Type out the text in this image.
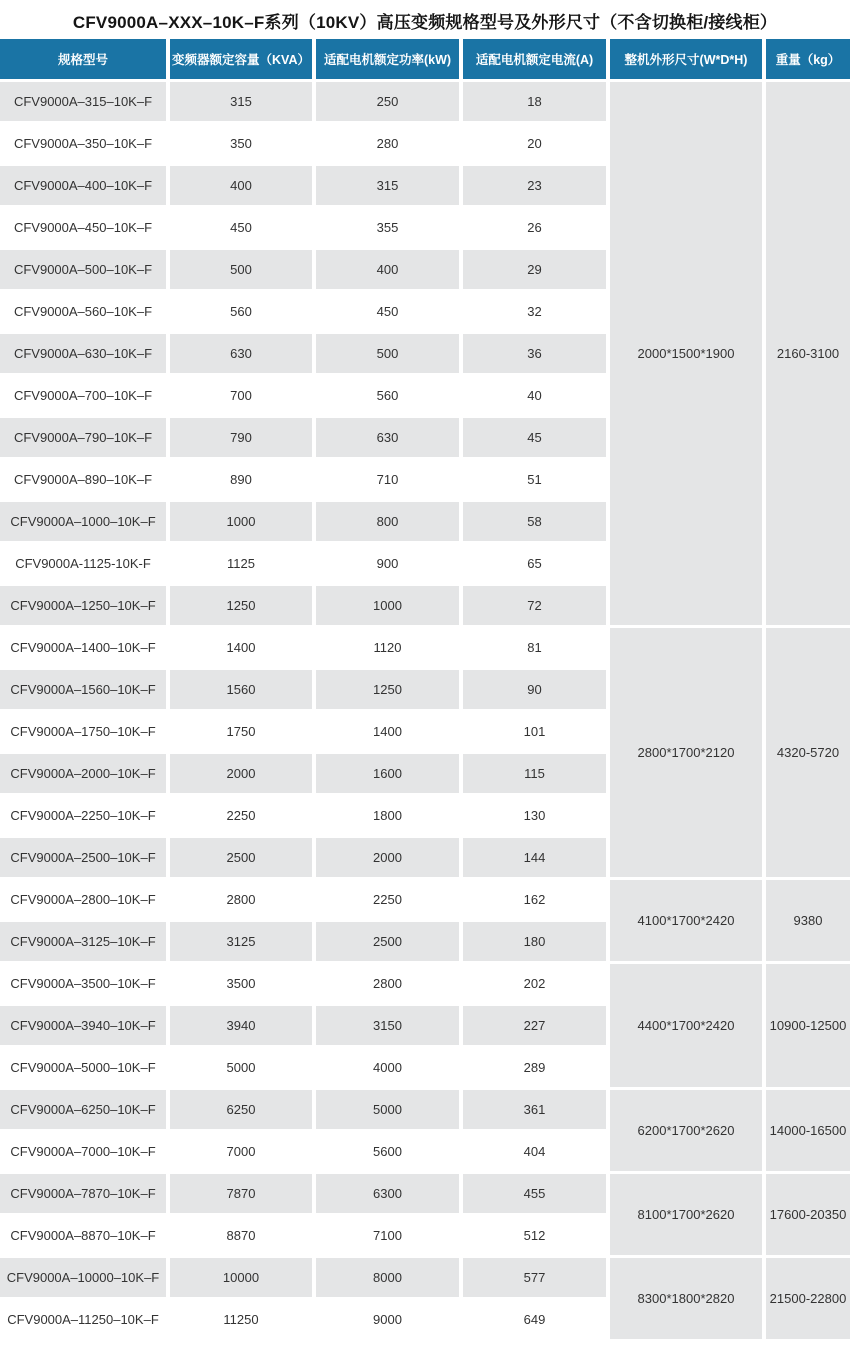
CFV9000A–XXX–10K–F系列（10KV）高压变频规格型号及外形尺寸（不含切换柜/接线柜）
规格型号	变频器额定容量（KVA）	适配电机额定功率(kW)	适配电机额定电流(A)	整机外形尺寸(W*D*H)	重量（kg）
CFV9000A–315–10K–F	315	250	18	2000*1500*1900	2160-3100
CFV9000A–350–10K–F	350	280	20		
CFV9000A–400–10K–F	400	315	23		
CFV9000A–450–10K–F	450	355	26		
CFV9000A–500–10K–F	500	400	29		
CFV9000A–560–10K–F	560	450	32		
CFV9000A–630–10K–F	630	500	36		
CFV9000A–700–10K–F	700	560	40		
CFV9000A–790–10K–F	790	630	45		
CFV9000A–890–10K–F	890	710	51		
CFV9000A–1000–10K–F	1000	800	58		
CFV9000A-1125-10K-F	1125	900	65		
CFV9000A–1250–10K–F	1250	1000	72		
CFV9000A–1400–10K–F	1400	1120	81	2800*1700*2120	4320-5720
CFV9000A–1560–10K–F	1560	1250	90		
CFV9000A–1750–10K–F	1750	1400	101		
CFV9000A–2000–10K–F	2000	1600	115		
CFV9000A–2250–10K–F	2250	1800	130		
CFV9000A–2500–10K–F	2500	2000	144		
CFV9000A–2800–10K–F	2800	2250	162	4100*1700*2420	9380
CFV9000A–3125–10K–F	3125	2500	180		
CFV9000A–3500–10K–F	3500	2800	202	4400*1700*2420	10900-12500
CFV9000A–3940–10K–F	3940	3150	227		
CFV9000A–5000–10K–F	5000	4000	289		
CFV9000A–6250–10K–F	6250	5000	361	6200*1700*2620	14000-16500
CFV9000A–7000–10K–F	7000	5600	404		
CFV9000A–7870–10K–F	7870	6300	455	8100*1700*2620	17600-20350
CFV9000A–8870–10K–F	8870	7100	512		
CFV9000A–10000–10K–F	10000	8000	577	8300*1800*2820	21500-22800
CFV9000A–11250–10K–F	11250	9000	649		
